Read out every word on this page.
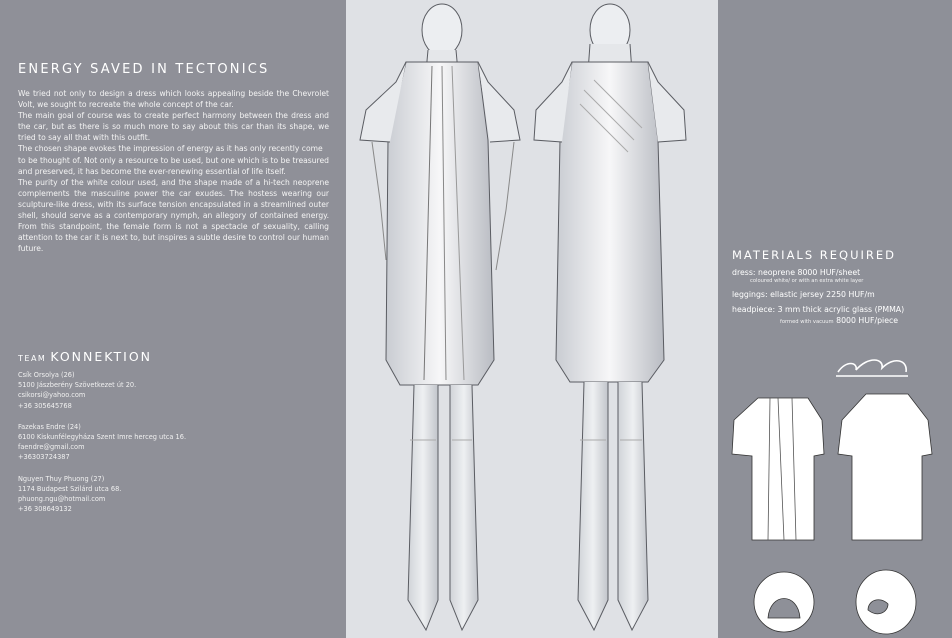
ENERGY SAVED IN TECTONICS

We tried not only to design a dress which looks appealing beside the Chevrolet Volt, we sought to recreate the whole concept of the car.

The main goal of course was to create perfect harmony between the dress and the car, but as there is so much more to say about this car than its shape, we tried to say all that with this outfit.

The chosen shape evokes the impression of energy as it has only recently come

to be thought of. Not only a resource to be used, but one which is to be treasured and preserved, it has become the ever-renewing essential of life itself.

The purity of the white colour used, and the shape made of a hi-tech neoprene complements the masculine power the car exudes. The hostess wearing our sculpture-like dress, with its surface tension encapsulated in a streamlined outer shell, should serve as a contemporary nymph, an allegory of contained energy. From this standpoint, the female form is not a spectacle of sexuality, calling attention to the car it is next to, but inspires a subtle desire to control our human future.

TEAM KONNEKTION
Csík Orsolya (26)
5100 Jászberény Szövetkezet út 20.
csikorsi@yahoo.com
+36 305645768
Fazekas Endre (24)
6100 Kiskunfélegyháza Szent Imre herceg utca 16.
faendre@gmail.com
+36303724387
Nguyen Thuy Phuong (27)
1174 Budapest Szilárd utca 68.
phuong.ngu@hotmail.com
+36 308649132
MATERIALS REQUIRED
dress: neoprene 8000 HUF/sheet
coloured white/ or with an extra white layer
leggings: ellastic jersey 2250 HUF/m
headpiece: 3 mm thick acrylic glass (PMMA)
formed with vacuum 8000 HUF/piece
